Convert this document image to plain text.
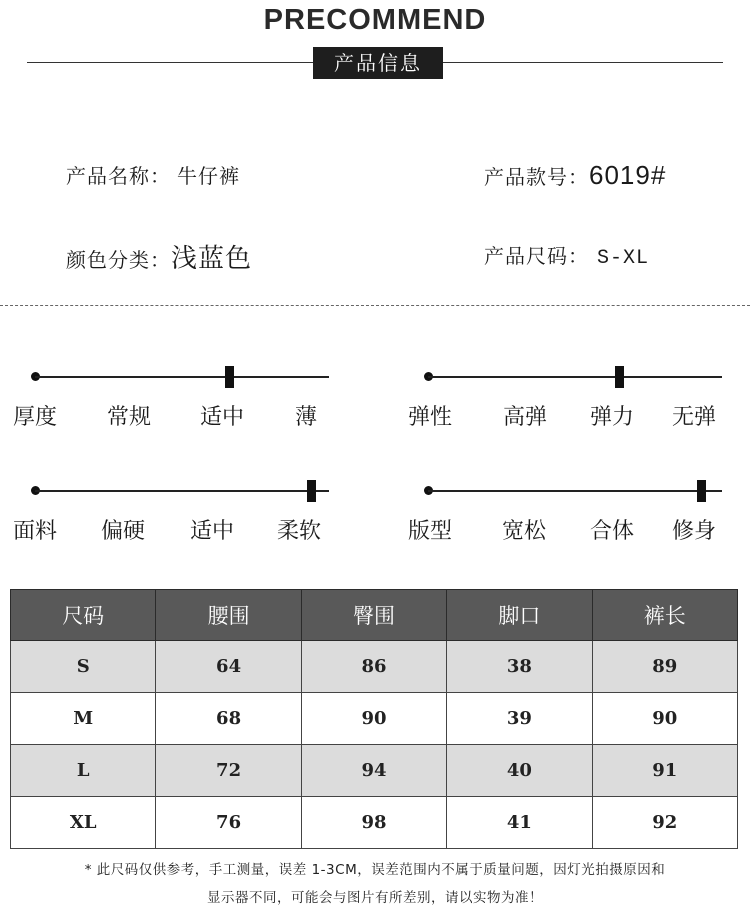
PRECOMMEND
产品信息
产品名称： 牛仔裤	产品款号：6019#
颜色分类：浅蓝色	产品尺码： S-XL
厚度 常规 适中 薄	弹性 高弹 弹力 无弹
面料 偏硬 适中 柔软	版型 宽松 合体 修身
尺码	腰围	臀围	脚口	裤长
S	64	86	38	89
M	68	90	39	90
L	72	94	40	91
XL	76	98	41	92
* 此尺码仅供参考，手工测量，误差 1-3CM，误差范围内不属于质量问题，因灯光拍摄原因和
显示器不同，可能会与图片有所差别，请以实物为准！
